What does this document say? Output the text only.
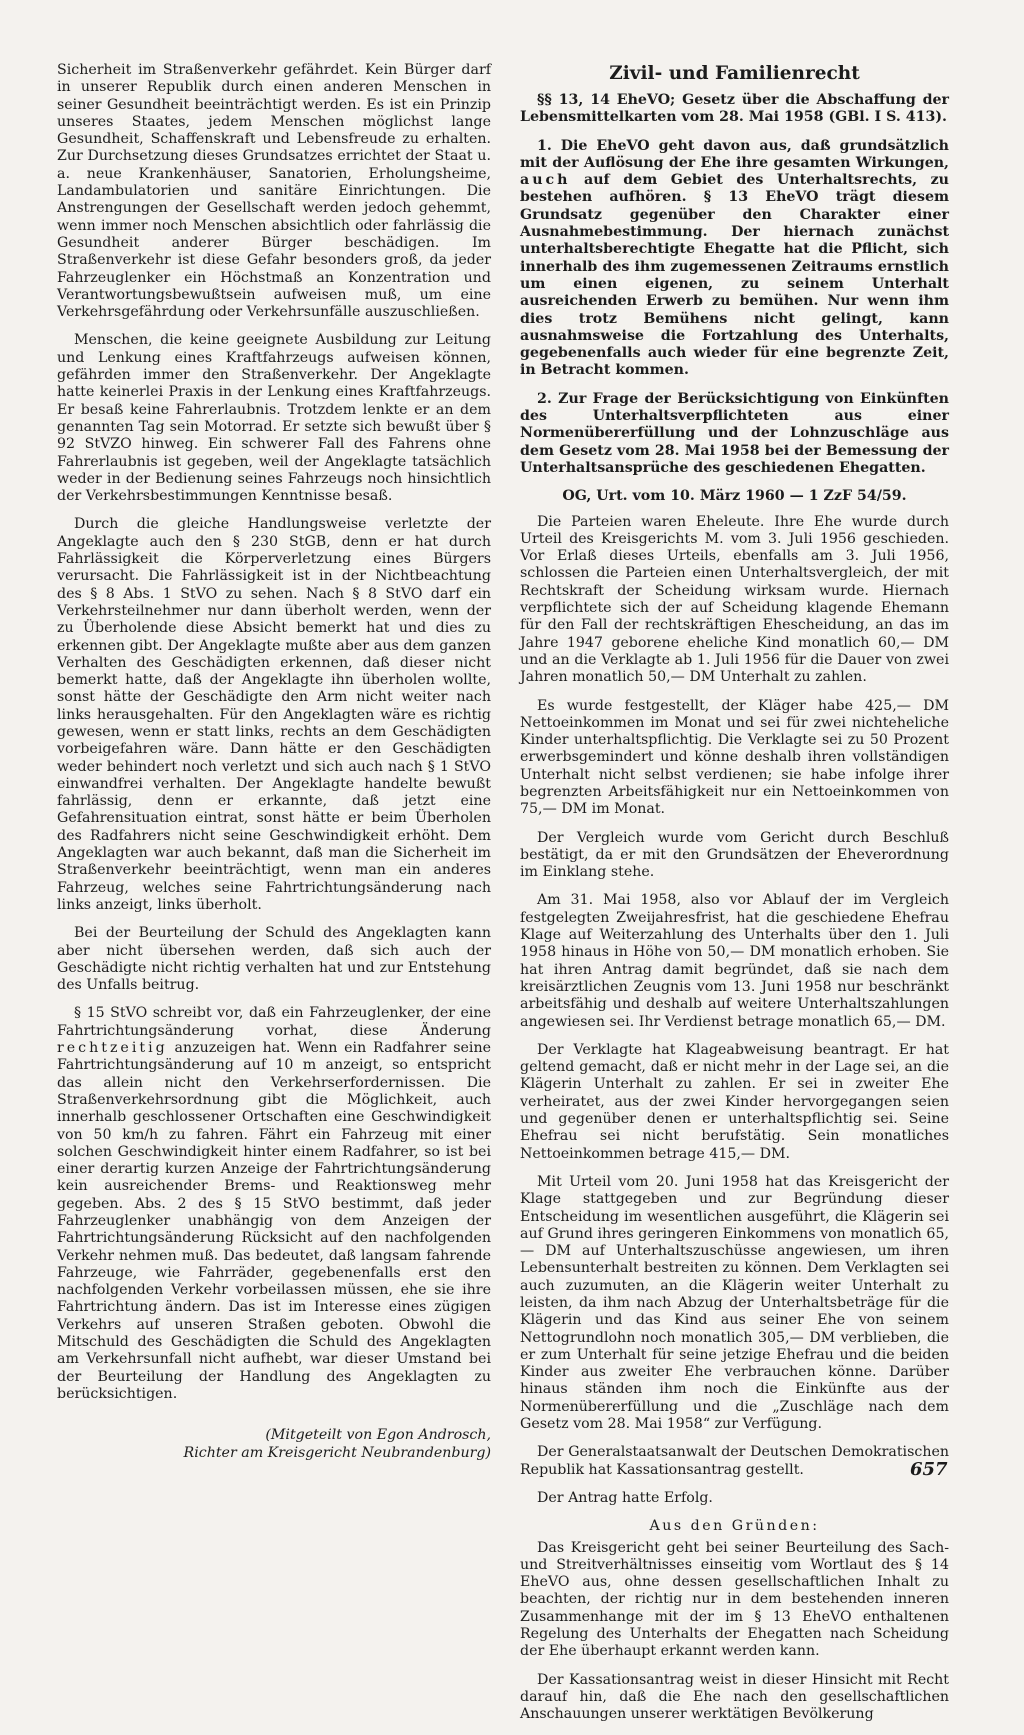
Sicherheit im Straßenverkehr gefährdet. Kein Bürger darf in unserer Republik durch einen anderen Menschen in seiner Gesundheit beeinträchtigt werden. Es ist ein Prinzip unseres Staates, jedem Menschen möglichst lange Gesundheit, Schaffenskraft und Lebensfreude zu erhalten. Zur Durchsetzung dieses Grundsatzes errichtet der Staat u. a. neue Krankenhäuser, Sanatorien, Erholungsheime, Landambulatorien und sanitäre Einrichtungen. Die Anstrengungen der Gesellschaft werden jedoch gehemmt, wenn immer noch Menschen absichtlich oder fahrlässig die Gesundheit anderer Bürger beschädigen. Im Straßenverkehr ist diese Gefahr besonders groß, da jeder Fahrzeuglenker ein Höchstmaß an Konzentration und Verantwortungsbewußtsein aufweisen muß, um eine Verkehrsgefährdung oder Verkehrsunfälle auszuschließen.

Menschen, die keine geeignete Ausbildung zur Leitung und Lenkung eines Kraftfahrzeugs aufweisen können, gefährden immer den Straßenverkehr. Der Angeklagte hatte keinerlei Praxis in der Lenkung eines Kraftfahrzeugs. Er besaß keine Fahrerlaubnis. Trotzdem lenkte er an dem genannten Tag sein Motorrad. Er setzte sich bewußt über § 92 StVZO hinweg. Ein schwerer Fall des Fahrens ohne Fahrerlaubnis ist gegeben, weil der Angeklagte tatsächlich weder in der Bedienung seines Fahrzeugs noch hinsichtlich der Verkehrsbestimmungen Kenntnisse besaß.

Durch die gleiche Handlungsweise verletzte der Angeklagte auch den § 230 StGB, denn er hat durch Fahrlässigkeit die Körperverletzung eines Bürgers verursacht. Die Fahrlässigkeit ist in der Nichtbeachtung des § 8 Abs. 1 StVO zu sehen. Nach § 8 StVO darf ein Verkehrsteilnehmer nur dann überholt werden, wenn der zu Überholende diese Absicht bemerkt hat und dies zu erkennen gibt. Der Angeklagte mußte aber aus dem ganzen Verhalten des Geschädigten erkennen, daß dieser nicht bemerkt hatte, daß der Angeklagte ihn überholen wollte, sonst hätte der Geschädigte den Arm nicht weiter nach links herausgehalten. Für den Angeklagten wäre es richtig gewesen, wenn er statt links, rechts an dem Geschädigten vorbeigefahren wäre. Dann hätte er den Geschädigten weder behindert noch verletzt und sich auch nach § 1 StVO einwandfrei verhalten. Der Angeklagte handelte bewußt fahrlässig, denn er erkannte, daß jetzt eine Gefahrensituation eintrat, sonst hätte er beim Überholen des Radfahrers nicht seine Geschwindigkeit erhöht. Dem Angeklagten war auch bekannt, daß man die Sicherheit im Straßenverkehr beeinträchtigt, wenn man ein anderes Fahrzeug, welches seine Fahrtrichtungsänderung nach links anzeigt, links überholt.

Bei der Beurteilung der Schuld des Angeklagten kann aber nicht übersehen werden, daß sich auch der Geschädigte nicht richtig verhalten hat und zur Entstehung des Unfalls beitrug.

§ 15 StVO schreibt vor, daß ein Fahrzeuglenker, der eine Fahrtrichtungsänderung vorhat, diese Änderung rechtzeitig anzuzeigen hat. Wenn ein Radfahrer seine Fahrtrichtungsänderung auf 10 m anzeigt, so entspricht das allein nicht den Verkehrserfordernissen. Die Straßenverkehrsordnung gibt die Möglichkeit, auch innerhalb geschlossener Ortschaften eine Geschwindigkeit von 50 km/h zu fahren. Fährt ein Fahrzeug mit einer solchen Geschwindigkeit hinter einem Radfahrer, so ist bei einer derartig kurzen Anzeige der Fahrtrichtungsänderung kein ausreichender Brems- und Reaktionsweg mehr gegeben. Abs. 2 des § 15 StVO bestimmt, daß jeder Fahrzeuglenker unabhängig von dem Anzeigen der Fahrtrichtungsänderung Rücksicht auf den nachfolgenden Verkehr nehmen muß. Das bedeutet, daß langsam fahrende Fahrzeuge, wie Fahrräder, gegebenenfalls erst den nachfolgenden Verkehr vorbeilassen müssen, ehe sie ihre Fahrtrichtung ändern. Das ist im Interesse eines zügigen Verkehrs auf unseren Straßen geboten. Obwohl die Mitschuld des Geschädigten die Schuld des Angeklagten am Verkehrsunfall nicht aufhebt, war dieser Umstand bei der Beurteilung der Handlung des Angeklagten zu berücksichtigen.

(Mitgeteilt von Egon Androsch,
Richter am Kreisgericht Neubrandenburg)

Zivil- und Familienrecht

§§ 13, 14 EheVO; Gesetz über die Abschaffung der Lebensmittelkarten vom 28. Mai 1958 (GBl. I S. 413).

1. Die EheVO geht davon aus, daß grundsätzlich mit der Auflösung der Ehe ihre gesamten Wirkungen, auch auf dem Gebiet des Unterhaltsrechts, zu bestehen aufhören. § 13 EheVO trägt diesem Grundsatz gegenüber den Charakter einer Ausnahmebestimmung. Der hiernach zunächst unterhaltsberechtigte Ehegatte hat die Pflicht, sich innerhalb des ihm zugemessenen Zeitraums ernstlich um einen eigenen, zu seinem Unterhalt ausreichenden Erwerb zu bemühen. Nur wenn ihm dies trotz Bemühens nicht gelingt, kann ausnahmsweise die Fortzahlung des Unterhalts, gegebenenfalls auch wieder für eine begrenzte Zeit, in Betracht kommen.

2. Zur Frage der Berücksichtigung von Einkünften des Unterhaltsverpflichteten aus einer Normenübererfüllung und der Lohnzuschläge aus dem Gesetz vom 28. Mai 1958 bei der Bemessung der Unterhaltsansprüche des geschiedenen Ehegatten.

OG, Urt. vom 10. März 1960 — 1 ZzF 54/59.

Die Parteien waren Eheleute. Ihre Ehe wurde durch Urteil des Kreisgerichts M. vom 3. Juli 1956 geschieden. Vor Erlaß dieses Urteils, ebenfalls am 3. Juli 1956, schlossen die Parteien einen Unterhaltsvergleich, der mit Rechtskraft der Scheidung wirksam wurde. Hiernach verpflichtete sich der auf Scheidung klagende Ehemann für den Fall der rechtskräftigen Ehescheidung, an das im Jahre 1947 geborene eheliche Kind monatlich 60,— DM und an die Verklagte ab 1. Juli 1956 für die Dauer von zwei Jahren monatlich 50,— DM Unterhalt zu zahlen.

Es wurde festgestellt, der Kläger habe 425,— DM Nettoeinkommen im Monat und sei für zwei nichteheliche Kinder unterhaltspflichtig. Die Verklagte sei zu 50 Prozent erwerbsgemindert und könne deshalb ihren vollständigen Unterhalt nicht selbst verdienen; sie habe infolge ihrer begrenzten Arbeitsfähigkeit nur ein Nettoeinkommen von 75,— DM im Monat.

Der Vergleich wurde vom Gericht durch Beschluß bestätigt, da er mit den Grundsätzen der Eheverordnung im Einklang stehe.

Am 31. Mai 1958, also vor Ablauf der im Vergleich festgelegten Zweijahresfrist, hat die geschiedene Ehefrau Klage auf Weiterzahlung des Unterhalts über den 1. Juli 1958 hinaus in Höhe von 50,— DM monatlich erhoben. Sie hat ihren Antrag damit begründet, daß sie nach dem kreisärztlichen Zeugnis vom 13. Juni 1958 nur beschränkt arbeitsfähig und deshalb auf weitere Unterhaltszahlungen angewiesen sei. Ihr Verdienst betrage monatlich 65,— DM.

Der Verklagte hat Klageabweisung beantragt. Er hat geltend gemacht, daß er nicht mehr in der Lage sei, an die Klägerin Unterhalt zu zahlen. Er sei in zweiter Ehe verheiratet, aus der zwei Kinder hervorgegangen seien und gegenüber denen er unterhaltspflichtig sei. Seine Ehefrau sei nicht berufstätig. Sein monatliches Nettoeinkommen betrage 415,— DM.

Mit Urteil vom 20. Juni 1958 hat das Kreisgericht der Klage stattgegeben und zur Begründung dieser Entscheidung im wesentlichen ausgeführt, die Klägerin sei auf Grund ihres geringeren Einkommens von monatlich 65,— DM auf Unterhaltszuschüsse angewiesen, um ihren Lebensunterhalt bestreiten zu können. Dem Verklagten sei auch zuzumuten, an die Klägerin weiter Unterhalt zu leisten, da ihm nach Abzug der Unterhaltsbeträge für die Klägerin und das Kind aus seiner Ehe von seinem Nettogrundlohn noch monatlich 305,— DM verblieben, die er zum Unterhalt für seine jetzige Ehefrau und die beiden Kinder aus zweiter Ehe verbrauchen könne. Darüber hinaus ständen ihm noch die Einkünfte aus der Normenübererfüllung und die „Zuschläge nach dem Gesetz vom 28. Mai 1958“ zur Verfügung.

Der Generalstaatsanwalt der Deutschen Demokratischen Republik hat Kassationsantrag gestellt.

Der Antrag hatte Erfolg.

Aus den Gründen:

Das Kreisgericht geht bei seiner Beurteilung des Sach- und Streitverhältnisses einseitig vom Wortlaut des § 14 EheVO aus, ohne dessen gesellschaftlichen Inhalt zu beachten, der richtig nur in dem bestehenden inneren Zusammenhange mit der im § 13 EheVO enthaltenen Regelung des Unterhalts der Ehegatten nach Scheidung der Ehe überhaupt erkannt werden kann.

Der Kassationsantrag weist in dieser Hinsicht mit Recht darauf hin, daß die Ehe nach den gesellschaftlichen Anschauungen unserer werktätigen Bevölkerung

657
